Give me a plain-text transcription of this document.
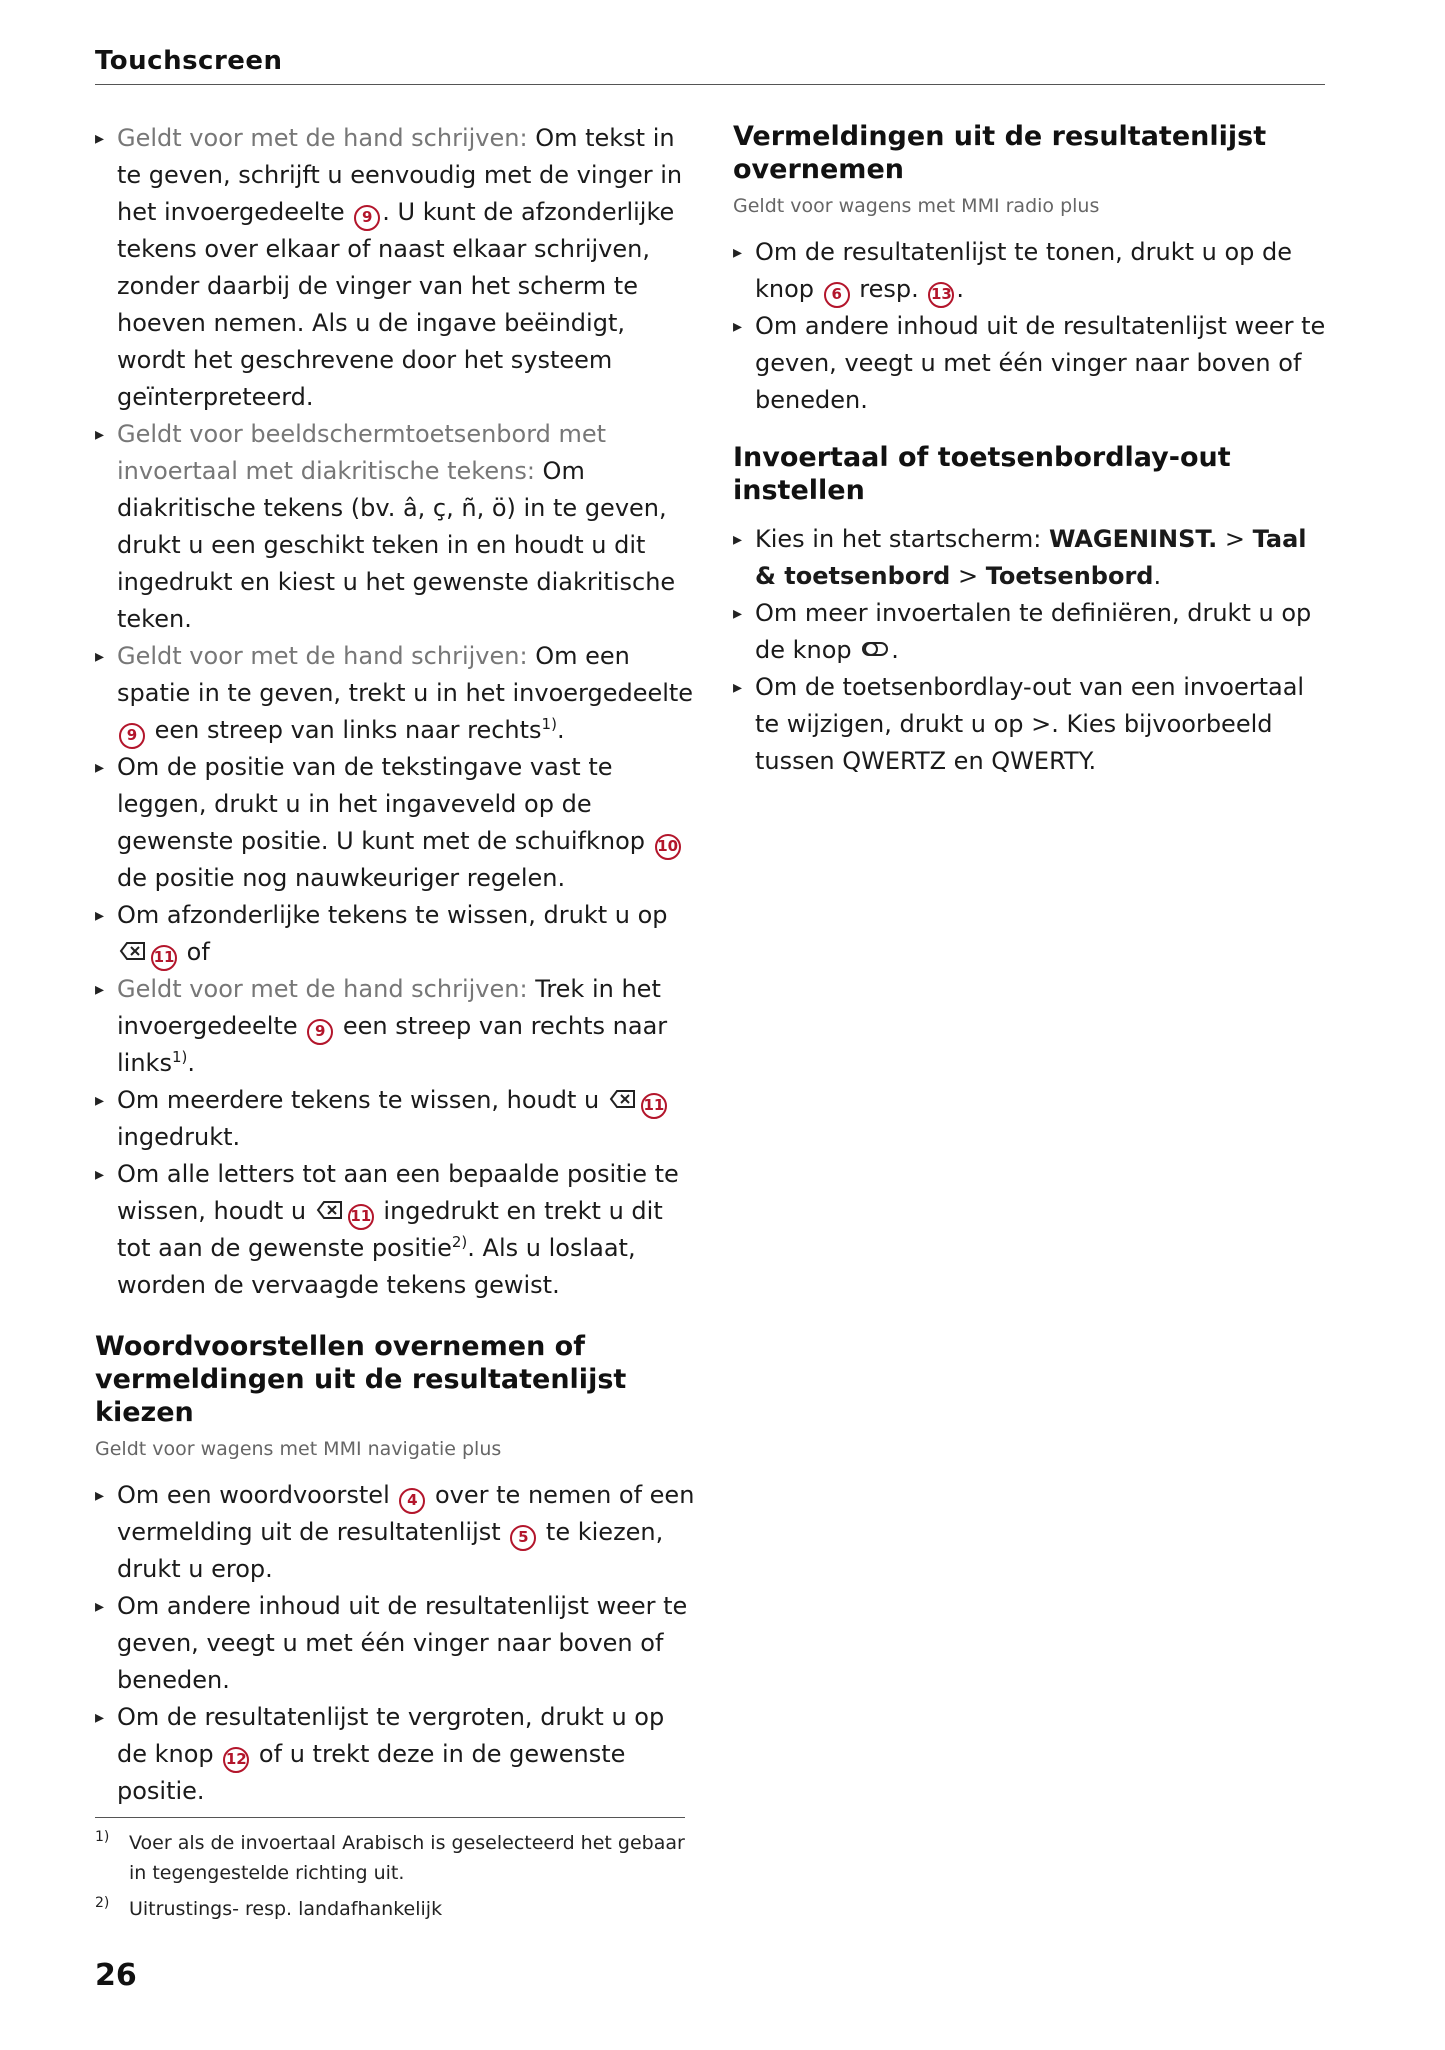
Touchscreen
▸ Geldt voor met de hand schrijven: Om tekst in te geven, schrijft u eenvoudig met de vinger in het invoergedeelte 9 . U kunt de afzonderlijke tekens over elkaar of naast elkaar schrijven, zonder daarbij de vinger van het scherm te hoeven nemen. Als u de ingave beëindigt, wordt het geschrevene door het systeem geïnterpreteerd.
▸ Geldt voor beeldschermtoetsenbord met invoertaal met diakritische tekens: Om diakritische tekens (bv. â, ç, ñ, ö) in te geven, drukt u een geschikt teken in en houdt u dit ingedrukt en kiest u het gewenste diakritische teken.
▸ Geldt voor met de hand schrijven: Om een spatie in te geven, trekt u in het invoergedeelte 9 een streep van links naar rechts$^{1)}$.
▸ Om de positie van de tekstingave vast te leggen, drukt u in het ingaveveld op de gewenste positie. U kunt met de schuifknop 10 de positie nog nauwkeuriger regelen.
▸ Om afzonderlijke tekens te wissen, drukt u op

11 of
▸ Geldt voor met de hand schrijven: Trek in het invoergedeelte 9 een streep van rechts naar links$^{1)}$.
▸ Om meerdere tekens te wissen, houdt u
11 ingedrukt.
▸ Om alle letters tot aan een bepaalde positie te wissen, houdt u
11 ingedrukt en trekt u dit tot aan de gewenste positie$^{2)}$. Als u loslaat, worden de vervaagde tekens gewist.
Woordvoorstellen overnemen of vermeldingen uit de resultatenlijst kiezen
Geldt voor wagens met MMI navigatie plus
▸ Om een woordvoorstel 4 over te nemen of een vermelding uit de resultatenlijst 5 te kiezen, drukt u erop.
▸ Om andere inhoud uit de resultatenlijst weer te geven, veegt u met één vinger naar boven of beneden.
▸ Om de resultatenlijst te vergroten, drukt u op de knop 12 of u trekt deze in de gewenste positie.
Vermeldingen uit de resultatenlijst overnemen
Geldt voor wagens met MMI radio plus
▸ Om de resultatenlijst te tonen, drukt u op de knop 6 resp. 13 .
▸ Om andere inhoud uit de resultatenlijst weer te geven, veegt u met één vinger naar boven of beneden.
Invoertaal of toetsenbordlay-out instellen
▸ Kies in het startscherm: WAGENINST. > Taal & toetsenbord > Toetsenbord.
▸ Om meer invoertalen te definiëren, drukt u op de knop
.
▸ Om de toetsenbordlay-out van een invoertaal te wijzigen, drukt u op >. Kies bijvoorbeeld tussen QWERTZ en QWERTY.
1) Voer als de invoertaal Arabisch is geselecteerd het gebaar in tegengestelde richting uit.
2) Uitrustings- resp. landafhankelijk
26
